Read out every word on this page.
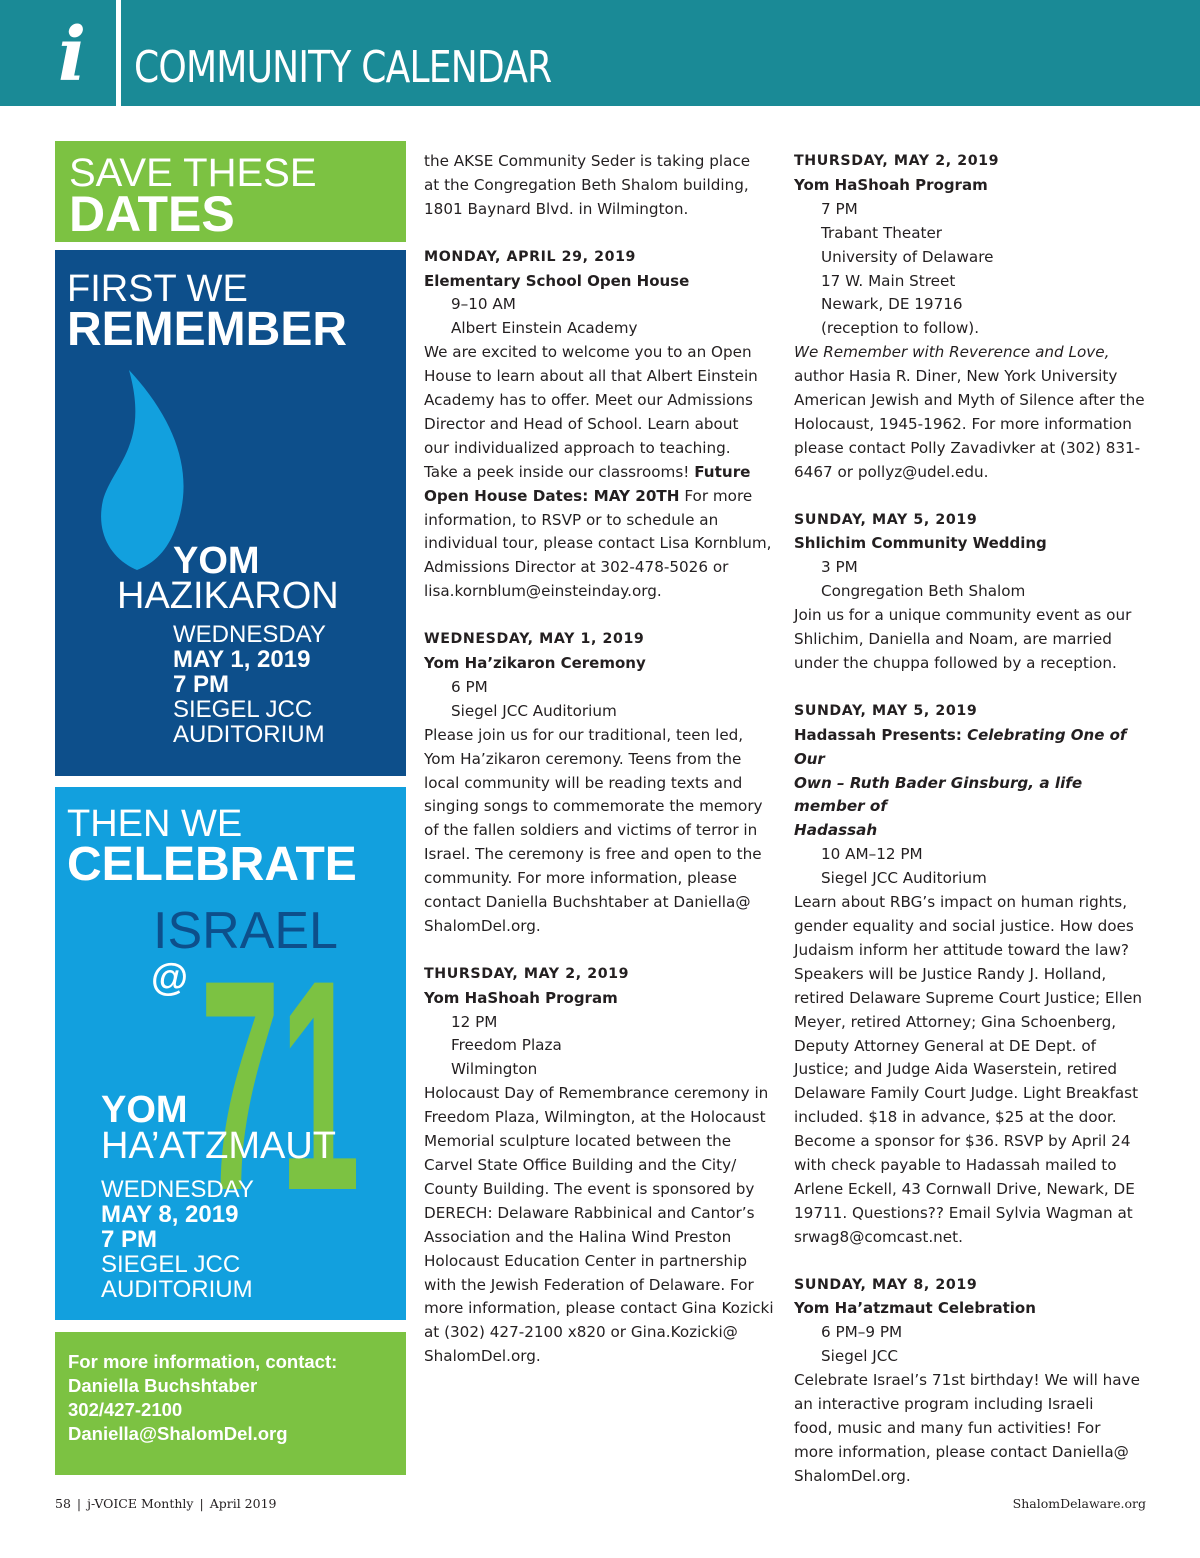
i COMMUNITY CALENDAR
SAVE THESE
DATES
FIRST WE
REMEMBER
YOM
HAZIKARON
WEDNESDAY
MAY 1, 2019
7 PM
SIEGEL JCC
AUDITORIUM
THEN WE
CELEBRATE
ISRAEL
@ 71
YOM
HA’ATZMAUT
WEDNESDAY
MAY 8, 2019
7 PM
SIEGEL JCC
AUDITORIUM
For more information, contact:
Daniella Buchshtaber
302/427-2100
Daniella@ShalomDel.org

the AKSE Community Seder is taking place

at the Congregation Beth Shalom building,

1801 Baynard Blvd. in Wilmington.

MONDAY, APRIL 29, 2019

Elementary School Open House

9–10 AM

Albert Einstein Academy

We are excited to welcome you to an Open

House to learn about all that Albert Einstein

Academy has to offer. Meet our Admissions

Director and Head of School. Learn about

our individualized approach to teaching.

Take a peek inside our classrooms! Future

Open House Dates: MAY 20TH For more

information, to RSVP or to schedule an

individual tour, please contact Lisa Kornblum,

Admissions Director at 302-478-5026 or

lisa.kornblum@einsteinday.org.

WEDNESDAY, MAY 1, 2019

Yom Ha’zikaron Ceremony

6 PM

Siegel JCC Auditorium

Please join us for our traditional, teen led,

Yom Ha’zikaron ceremony. Teens from the

local community will be reading texts and

singing songs to commemorate the memory

of the fallen soldiers and victims of terror in

Israel. The ceremony is free and open to the

community. For more information, please

contact Daniella Buchshtaber at Daniella@

ShalomDel.org.

THURSDAY, MAY 2, 2019

Yom HaShoah Program

12 PM

Freedom Plaza

Wilmington

Holocaust Day of Remembrance ceremony in

Freedom Plaza, Wilmington, at the Holocaust

Memorial sculpture located between the

Carvel State Office Building and the City/

County Building. The event is sponsored by

DERECH: Delaware Rabbinical and Cantor’s

Association and the Halina Wind Preston

Holocaust Education Center in partnership

with the Jewish Federation of Delaware. For

more information, please contact Gina Kozicki

at (302) 427-2100 x820 or Gina.Kozicki@

ShalomDel.org.

THURSDAY, MAY 2, 2019

Yom HaShoah Program

7 PM

Trabant Theater

University of Delaware

17 W. Main Street

Newark, DE 19716

(reception to follow).

We Remember with Reverence and Love,

author Hasia R. Diner, New York University

American Jewish and Myth of Silence after the

Holocaust, 1945-1962. For more information

please contact Polly Zavadivker at (302) 831-

6467 or pollyz@udel.edu.

SUNDAY, MAY 5, 2019

Shlichim Community Wedding

3 PM

Congregation Beth Shalom

Join us for a unique community event as our

Shlichim, Daniella and Noam, are married

under the chuppa followed by a reception.

SUNDAY, MAY 5, 2019

Hadassah Presents: Celebrating One of Our

Own – Ruth Bader Ginsburg, a life member of

Hadassah

10 AM–12 PM

Siegel JCC Auditorium

Learn about RBG’s impact on human rights,

gender equality and social justice. How does

Judaism inform her attitude toward the law?

Speakers will be Justice Randy J. Holland,

retired Delaware Supreme Court Justice; Ellen

Meyer, retired Attorney; Gina Schoenberg,

Deputy Attorney General at DE Dept. of

Justice; and Judge Aida Waserstein, retired

Delaware Family Court Judge. Light Breakfast

included. $18 in advance, $25 at the door.

Become a sponsor for $36. RSVP by April 24

with check payable to Hadassah mailed to

Arlene Eckell, 43 Cornwall Drive, Newark, DE

19711. Questions?? Email Sylvia Wagman at

srwag8@comcast.net.

SUNDAY, MAY 8, 2019

Yom Ha’atzmaut Celebration

6 PM–9 PM

Siegel JCC

Celebrate Israel’s 71st birthday! We will have

an interactive program including Israeli

food, music and many fun activities! For

more information, please contact Daniella@

ShalomDel.org.

58 | j-VOICE Monthly | April 2019	ShalomDelaware.org
